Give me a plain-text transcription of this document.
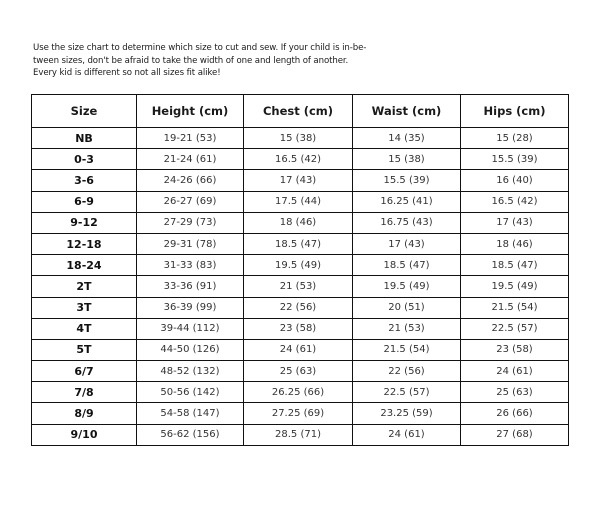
Use the size chart to determine which size to cut and sew. If your child is in-be-
tween sizes, don't be afraid to take the width of one and length of another.
Every kid is different so not all sizes fit alike!
Size	Height (cm)	Chest (cm)	Waist (cm)	Hips (cm)
NB	19-21 (53)	15 (38)	14 (35)	15 (28)
0-3	21-24 (61)	16.5 (42)	15 (38)	15.5 (39)
3-6	24-26 (66)	17 (43)	15.5 (39)	16 (40)
6-9	26-27 (69)	17.5 (44)	16.25 (41)	16.5 (42)
9-12	27-29 (73)	18 (46)	16.75 (43)	17 (43)
12-18	29-31 (78)	18.5 (47)	17 (43)	18 (46)
18-24	31-33 (83)	19.5 (49)	18.5 (47)	18.5 (47)
2T	33-36 (91)	21 (53)	19.5 (49)	19.5 (49)
3T	36-39 (99)	22 (56)	20 (51)	21.5 (54)
4T	39-44 (112)	23 (58)	21 (53)	22.5 (57)
5T	44-50 (126)	24 (61)	21.5 (54)	23 (58)
6/7	48-52 (132)	25 (63)	22 (56)	24 (61)
7/8	50-56 (142)	26.25 (66)	22.5 (57)	25 (63)
8/9	54-58 (147)	27.25 (69)	23.25 (59)	26 (66)
9/10	56-62 (156)	28.5 (71)	24 (61)	27 (68)
